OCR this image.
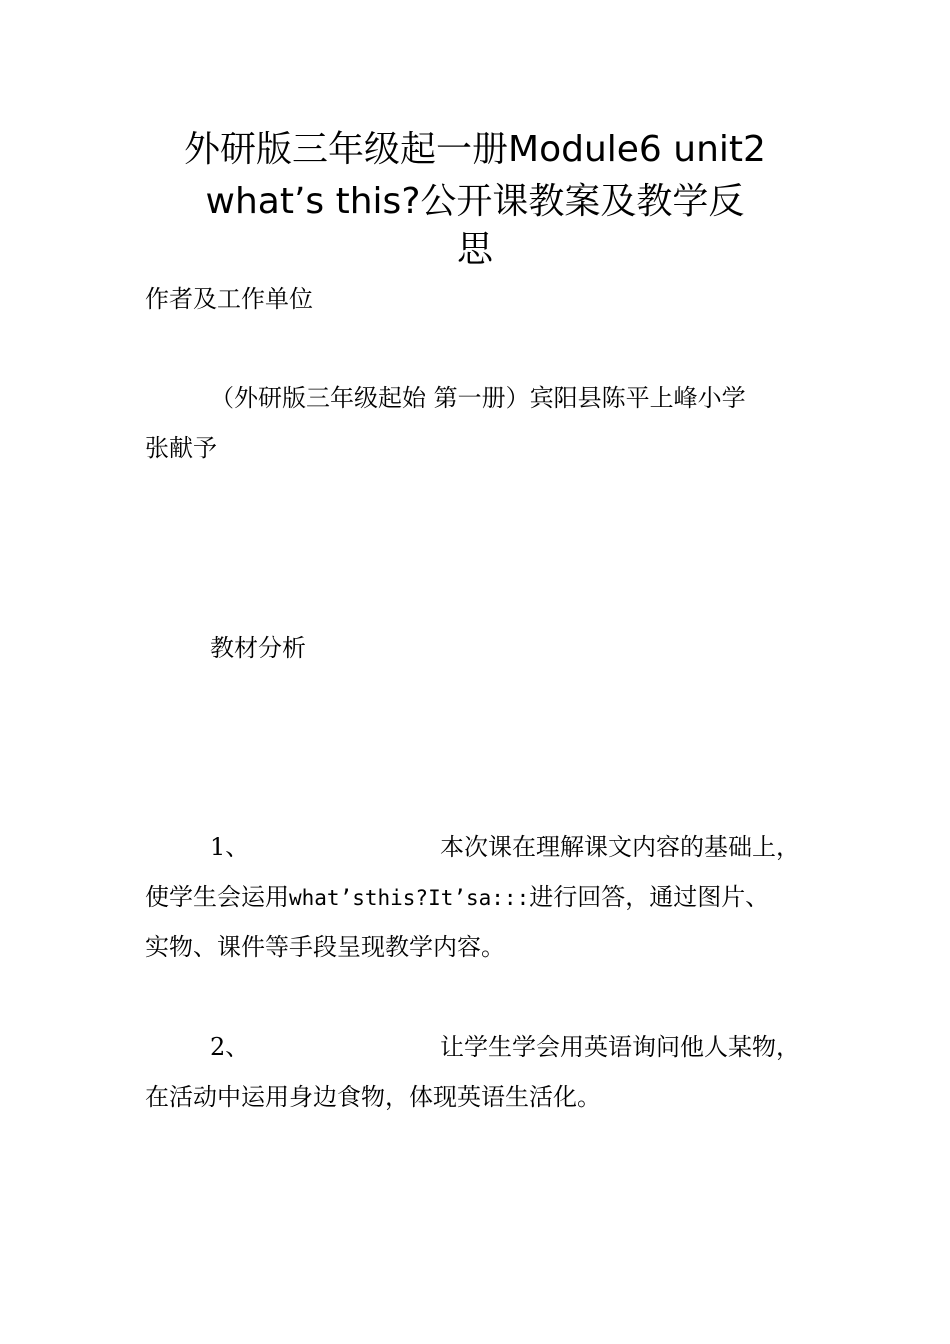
外研版三年级起一册Module6 unit2
what’s this?公开课教案及教学反
思
作者及工作单位
（外研版三年级起始 第一册）宾阳县陈平上峰小学
张献予
教材分析
1、	本次课在理解课文内容的基础上，
使学生会运用what’sthis?It’sa:::进行回答，通过图片、
实物、课件等手段呈现教学内容。
2、	让学生学会用英语询问他人某物，
在活动中运用身边食物，体现英语生活化。
